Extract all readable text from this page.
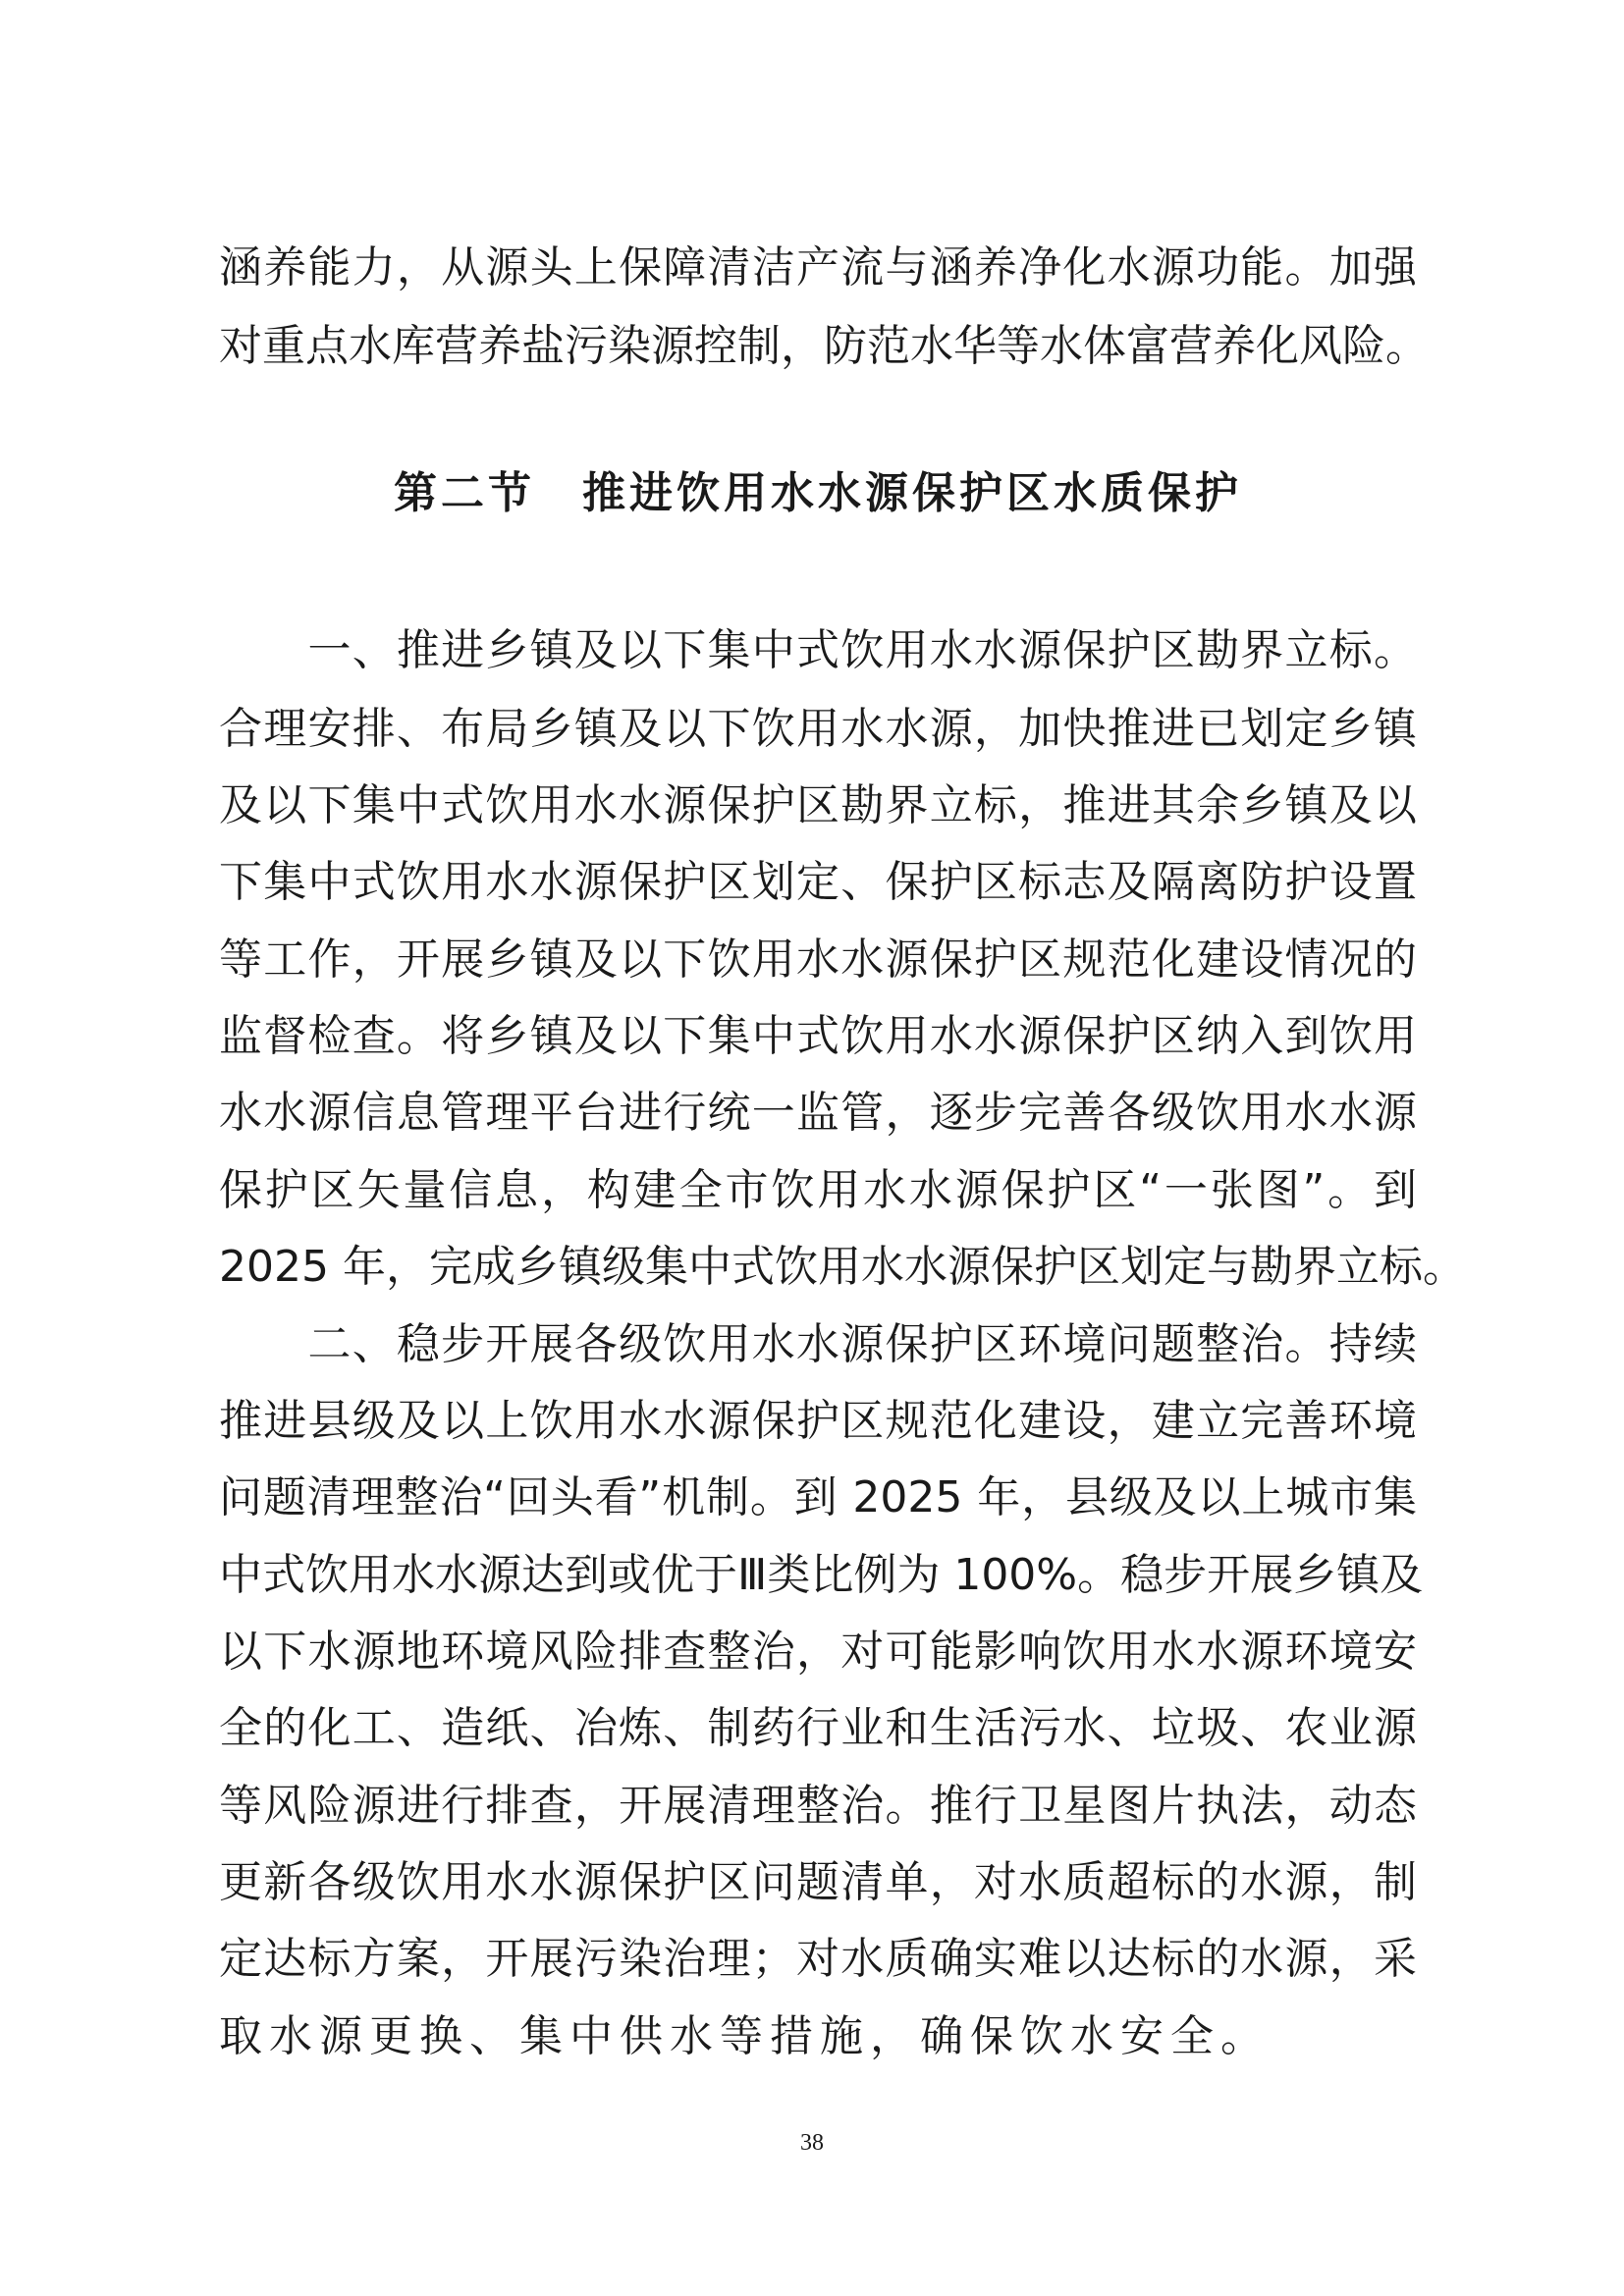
涵养能力，从源头上保障清洁产流与涵养净化水源功能。加强
对重点水库营养盐污染源控制，防范水华等水体富营养化风险。
第二节　推进饮用水水源保护区水质保护
　　一、推进乡镇及以下集中式饮用水水源保护区勘界立标。
合理安排、布局乡镇及以下饮用水水源，加快推进已划定乡镇
及以下集中式饮用水水源保护区勘界立标，推进其余乡镇及以
下集中式饮用水水源保护区划定、保护区标志及隔离防护设置
等工作，开展乡镇及以下饮用水水源保护区规范化建设情况的
监督检查。将乡镇及以下集中式饮用水水源保护区纳入到饮用
水水源信息管理平台进行统一监管，逐步完善各级饮用水水源
保护区矢量信息，构建全市饮用水水源保护区“一张图”。到
2025 年，完成乡镇级集中式饮用水水源保护区划定与勘界立标。
　　二、稳步开展各级饮用水水源保护区环境问题整治。持续
推进县级及以上饮用水水源保护区规范化建设，建立完善环境
问题清理整治“回头看”机制。到 2025 年，县级及以上城市集
中式饮用水水源达到或优于Ⅲ类比例为 100%。稳步开展乡镇及
以下水源地环境风险排查整治，对可能影响饮用水水源环境安
全的化工、造纸、冶炼、制药行业和生活污水、垃圾、农业源
等风险源进行排查，开展清理整治。推行卫星图片执法，动态
更新各级饮用水水源保护区问题清单，对水质超标的水源，制
定达标方案，开展污染治理；对水质确实难以达标的水源，采
取水源更换、集中供水等措施，确保饮水安全。
38
